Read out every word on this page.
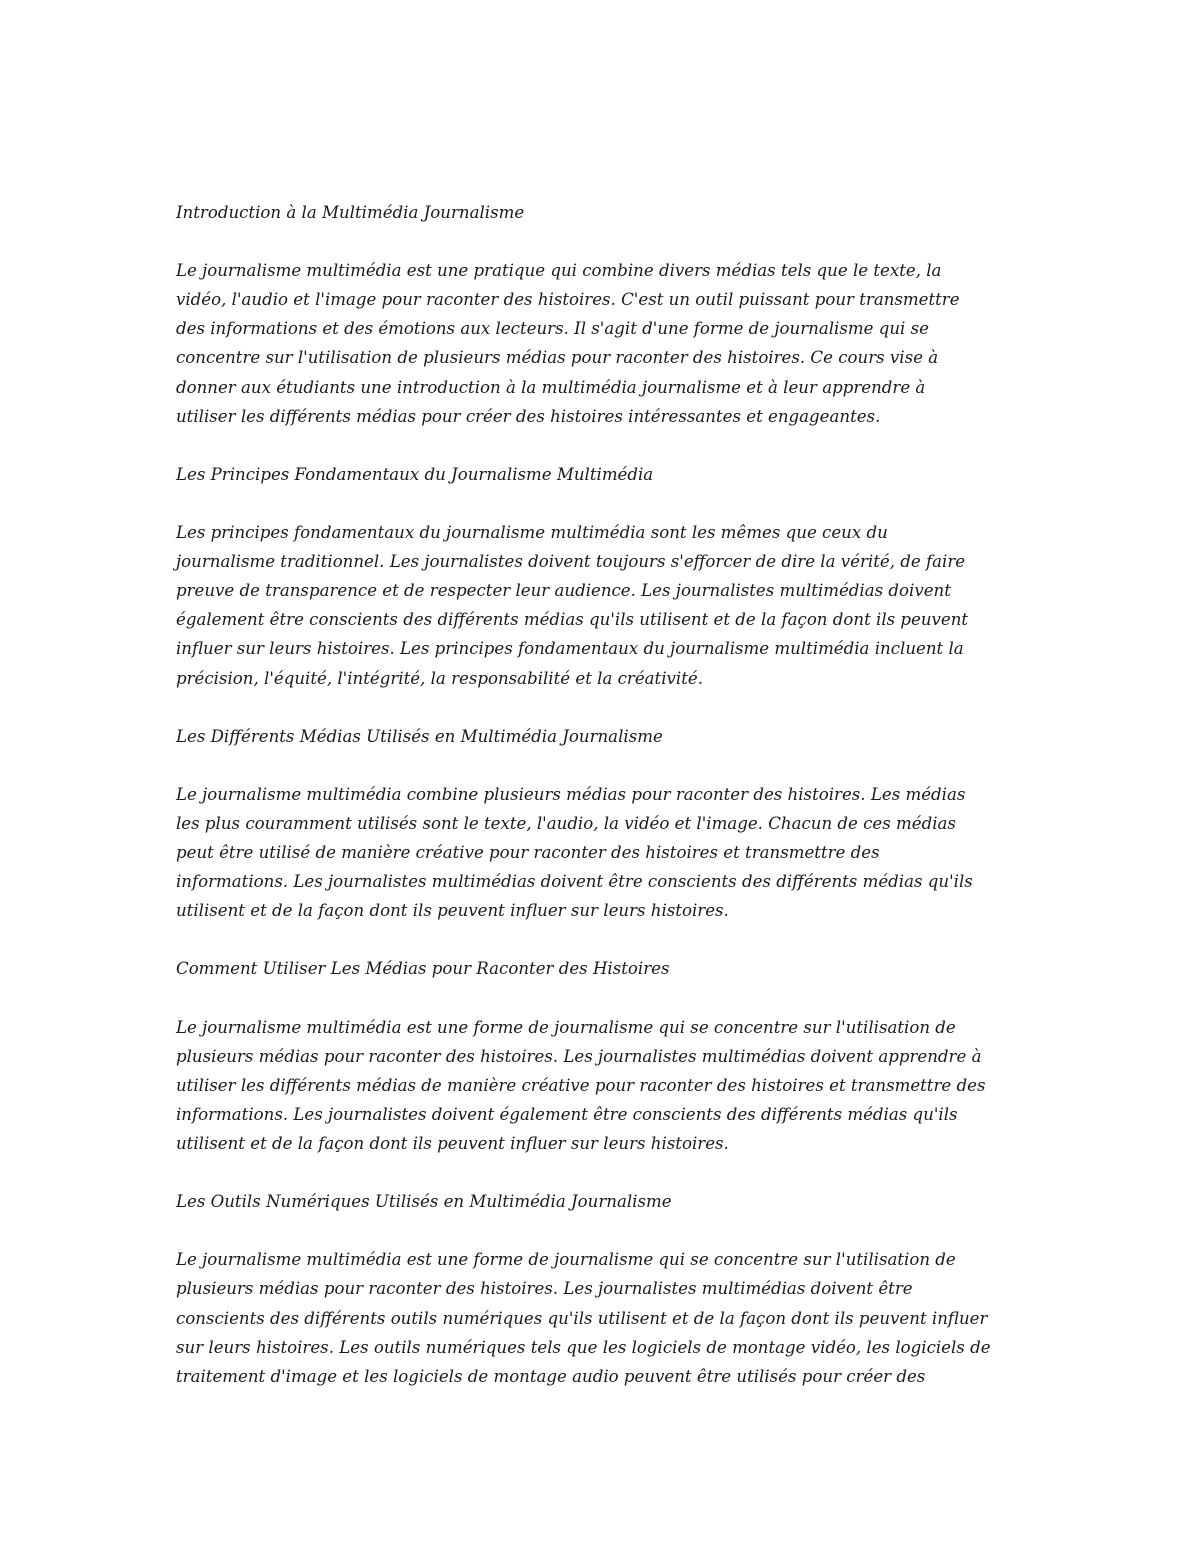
Introduction à la Multimédia Journalisme

Le journalisme multimédia est une pratique qui combine divers médias tels que le texte, la
vidéo, l'audio et l'image pour raconter des histoires. C'est un outil puissant pour transmettre
des informations et des émotions aux lecteurs. Il s'agit d'une forme de journalisme qui se
concentre sur l'utilisation de plusieurs médias pour raconter des histoires. Ce cours vise à
donner aux étudiants une introduction à la multimédia journalisme et à leur apprendre à
utiliser les différents médias pour créer des histoires intéressantes et engageantes.

Les Principes Fondamentaux du Journalisme Multimédia

Les principes fondamentaux du journalisme multimédia sont les mêmes que ceux du
journalisme traditionnel. Les journalistes doivent toujours s'efforcer de dire la vérité, de faire
preuve de transparence et de respecter leur audience. Les journalistes multimédias doivent
également être conscients des différents médias qu'ils utilisent et de la façon dont ils peuvent
influer sur leurs histoires. Les principes fondamentaux du journalisme multimédia incluent la
précision, l'équité, l'intégrité, la responsabilité et la créativité.

Les Différents Médias Utilisés en Multimédia Journalisme

Le journalisme multimédia combine plusieurs médias pour raconter des histoires. Les médias
les plus couramment utilisés sont le texte, l'audio, la vidéo et l'image. Chacun de ces médias
peut être utilisé de manière créative pour raconter des histoires et transmettre des
informations. Les journalistes multimédias doivent être conscients des différents médias qu'ils
utilisent et de la façon dont ils peuvent influer sur leurs histoires.

Comment Utiliser Les Médias pour Raconter des Histoires

Le journalisme multimédia est une forme de journalisme qui se concentre sur l'utilisation de
plusieurs médias pour raconter des histoires. Les journalistes multimédias doivent apprendre à
utiliser les différents médias de manière créative pour raconter des histoires et transmettre des
informations. Les journalistes doivent également être conscients des différents médias qu'ils
utilisent et de la façon dont ils peuvent influer sur leurs histoires.

Les Outils Numériques Utilisés en Multimédia Journalisme

Le journalisme multimédia est une forme de journalisme qui se concentre sur l'utilisation de
plusieurs médias pour raconter des histoires. Les journalistes multimédias doivent être
conscients des différents outils numériques qu'ils utilisent et de la façon dont ils peuvent influer
sur leurs histoires. Les outils numériques tels que les logiciels de montage vidéo, les logiciels de
traitement d'image et les logiciels de montage audio peuvent être utilisés pour créer des
